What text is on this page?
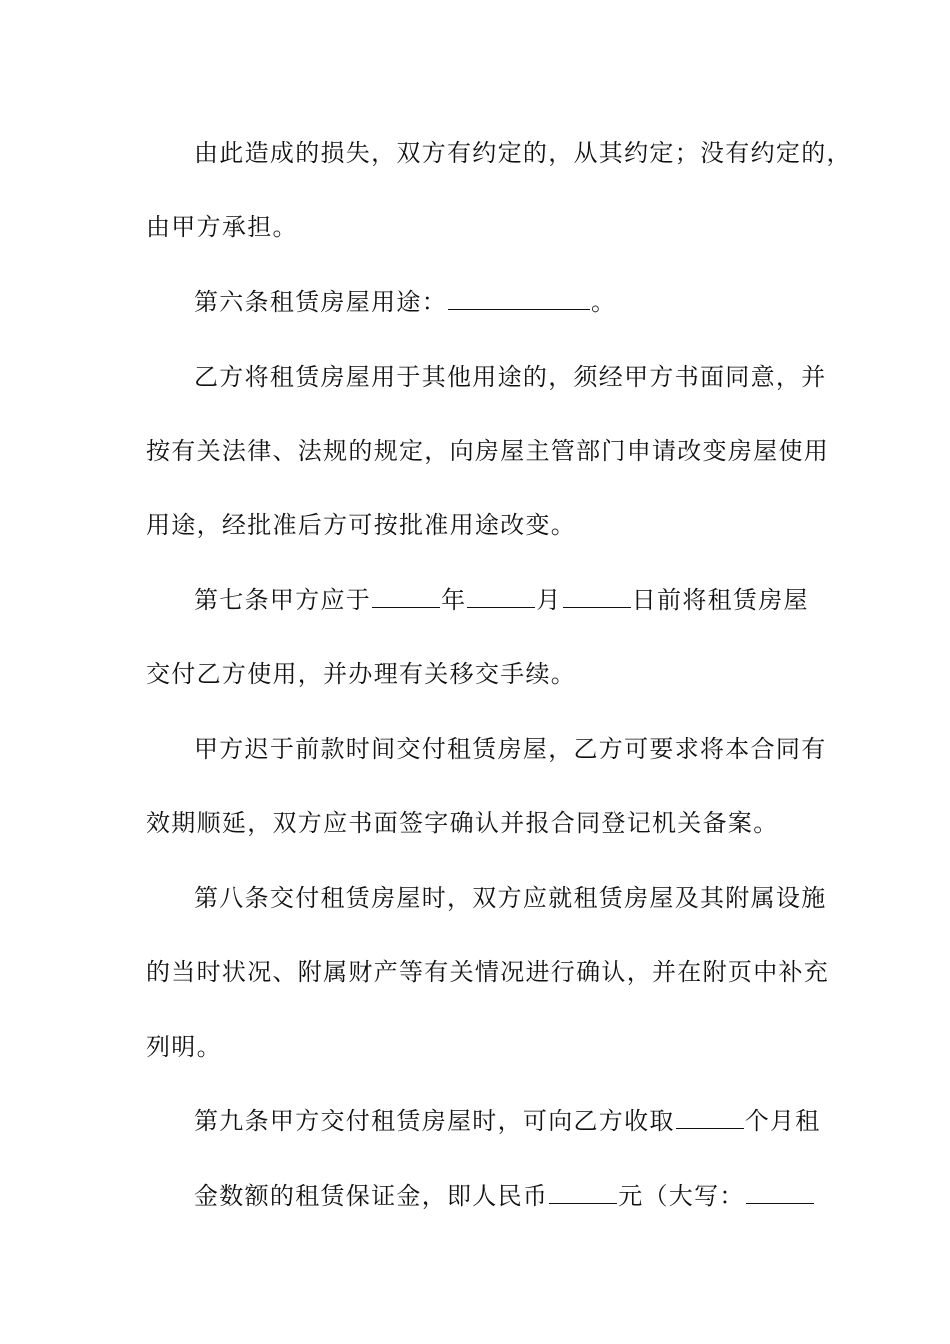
由此造成的损失，双方有约定的，从其约定；没有约定的，
由甲方承担。
第六条租赁房屋用途：	。
乙方将租赁房屋用于其他用途的，须经甲方书面同意，并
按有关法律、法规的规定，向房屋主管部门申请改变房屋使用
用途，经批准后方可按批准用途改变。
第七条甲方应于	年	月	日前将租赁房屋
交付乙方使用，并办理有关移交手续。
甲方迟于前款时间交付租赁房屋，乙方可要求将本合同有
效期顺延，双方应书面签字确认并报合同登记机关备案。
第八条交付租赁房屋时，双方应就租赁房屋及其附属设施
的当时状况、附属财产等有关情况进行确认，并在附页中补充
列明。
第九条甲方交付租赁房屋时，可向乙方收取	个月租
金数额的租赁保证金，即人民币	元（大写：
